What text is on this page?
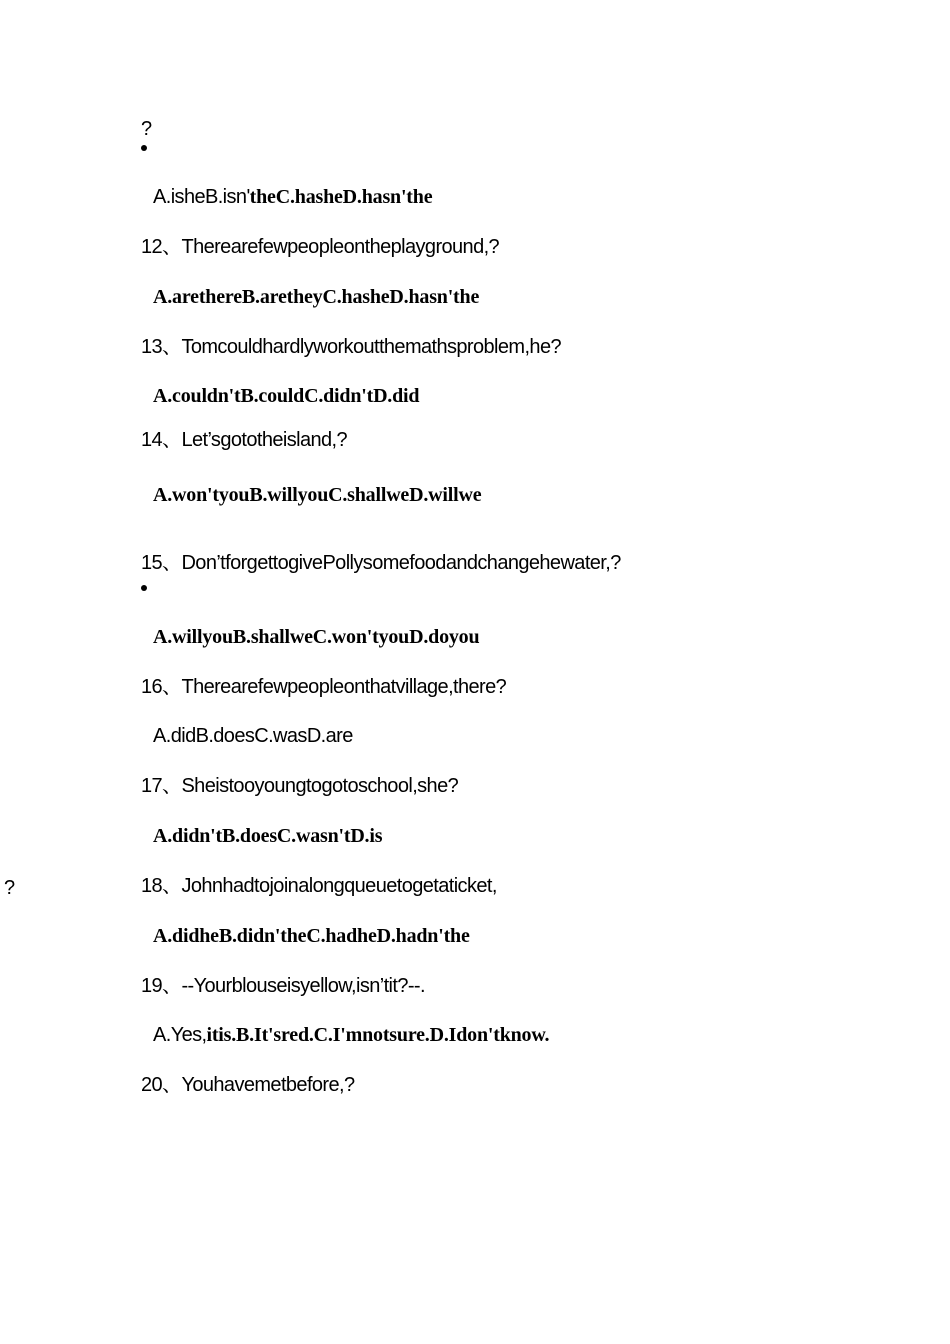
?
A.isheB.isn'theC.hasheD.hasn'the
12、Therearefewpeopleontheplayground,?
A.arethereB.aretheyC.hasheD.hasn'the
13、Tomcouldhardlyworkoutthemathsproblem,he?
A.couldn'tB.couldC.didn'tD.did
14、Let’sgototheisland,?
A.won'tyouB.willyouC.shallweD.willwe
15、Don’tforgettogivePollysomefoodandchangehewater,?
A.willyouB.shallweC.won'tyouD.doyou
16、Therearefewpeopleonthatvillage,there?
A.didB.doesC.wasD.are
17、Sheistooyoungtogotoschool,she?
A.didn'tB.doesC.wasn'tD.is
?	18、Johnhadtojoinalongqueuetogetaticket,
A.didheB.didn'theC.hadheD.hadn'the
19、--Yourblouseisyellow,isn’tit?--.
A.Yes,itis.B.It'sred.C.I'mnotsure.D.Idon'tknow.
20、Youhavemetbefore,?
